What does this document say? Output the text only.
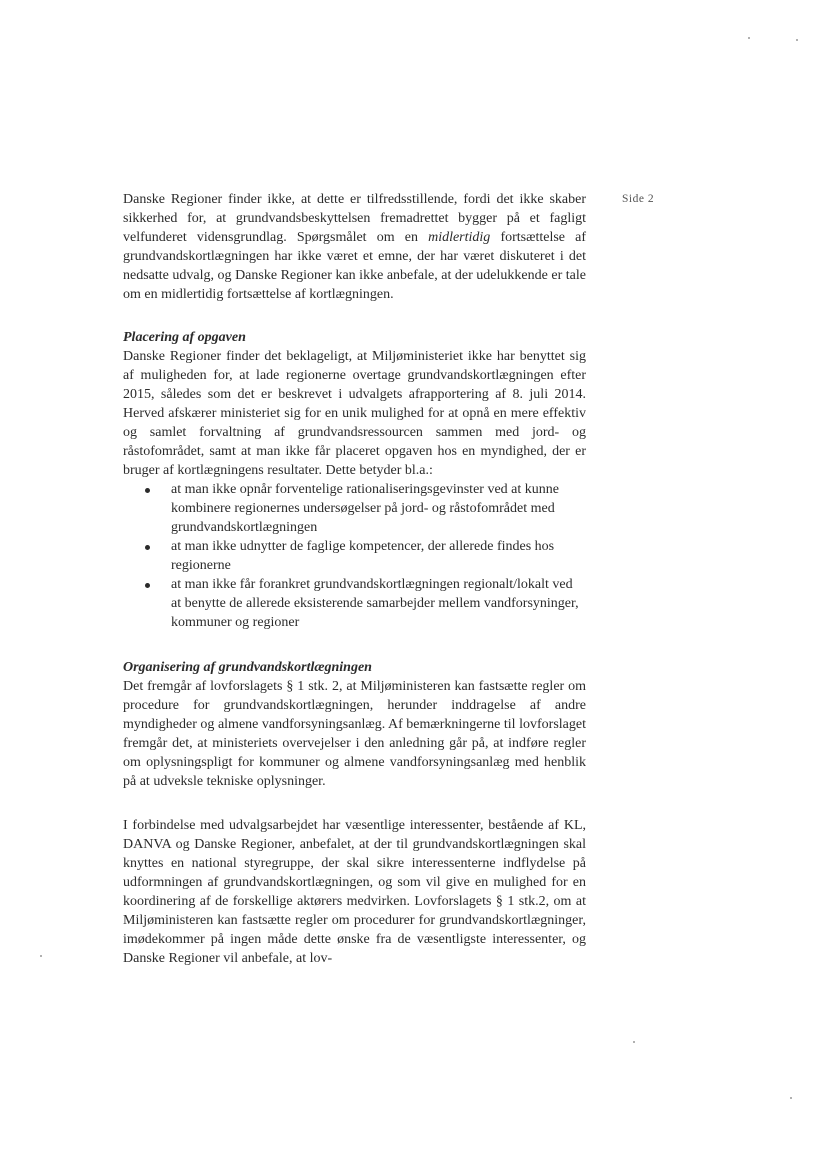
Side 2

Danske Regioner finder ikke, at dette er tilfredsstillende, fordi det ikke skaber sikkerhed for, at grundvandsbeskyttelsen fremadrettet bygger på et fagligt velfunderet vidensgrundlag. Spørgsmålet om en midlertidig fortsættelse af grundvandskortlægningen har ikke været et emne, der har været diskuteret i det nedsatte udvalg, og Danske Regioner kan ikke anbefale, at der udelukkende er tale om en midlertidig fortsættelse af kortlægningen.

Placering af opgaven

Danske Regioner finder det beklageligt, at Miljøministeriet ikke har benyttet sig af muligheden for, at lade regionerne overtage grundvandskortlægningen efter 2015, således som det er beskrevet i udvalgets afrapportering af 8. juli 2014. Herved afskærer ministeriet sig for en unik mulighed for at opnå en mere effektiv og samlet forvaltning af grundvandsressourcen sammen med jord- og råstofområdet, samt at man ikke får placeret opgaven hos en myndighed, der er bruger af kortlægningens resultater. Dette betyder bl.a.:

at man ikke opnår forventelige rationaliseringsgevinster ved at kunne kombinere regionernes undersøgelser på jord- og råstofområdet med grundvandskortlægningen
at man ikke udnytter de faglige kompetencer, der allerede findes hos regionerne
at man ikke får forankret grundvandskortlægningen regionalt/lokalt ved at benytte de allerede eksisterende samarbejder mellem vandforsyninger, kommuner og regioner

Organisering af grundvandskortlægningen

Det fremgår af lovforslagets § 1 stk. 2, at Miljøministeren kan fastsætte regler om procedure for grundvandskortlægningen, herunder inddragelse af andre myndigheder og almene vandforsyningsanlæg. Af bemærkningerne til lovforslaget fremgår det, at ministeriets overvejelser i den anledning går på, at indføre regler om oplysningspligt for kommuner og almene vandforsyningsanlæg med henblik på at udveksle tekniske oplysninger.

I forbindelse med udvalgsarbejdet har væsentlige interessenter, bestående af KL, DANVA og Danske Regioner, anbefalet, at der til grundvandskortlægningen skal knyttes en national styregruppe, der skal sikre interessenterne indflydelse på udformningen af grundvandskortlægningen, og som vil give en mulighed for en koordinering af de forskellige aktørers medvirken. Lovforslagets § 1 stk.2, om at Miljøministeren kan fastsætte regler om procedurer for grundvandskortlægninger, imødekommer på ingen måde dette ønske fra de væsentligste interessenter, og Danske Regioner vil anbefale, at lov-
